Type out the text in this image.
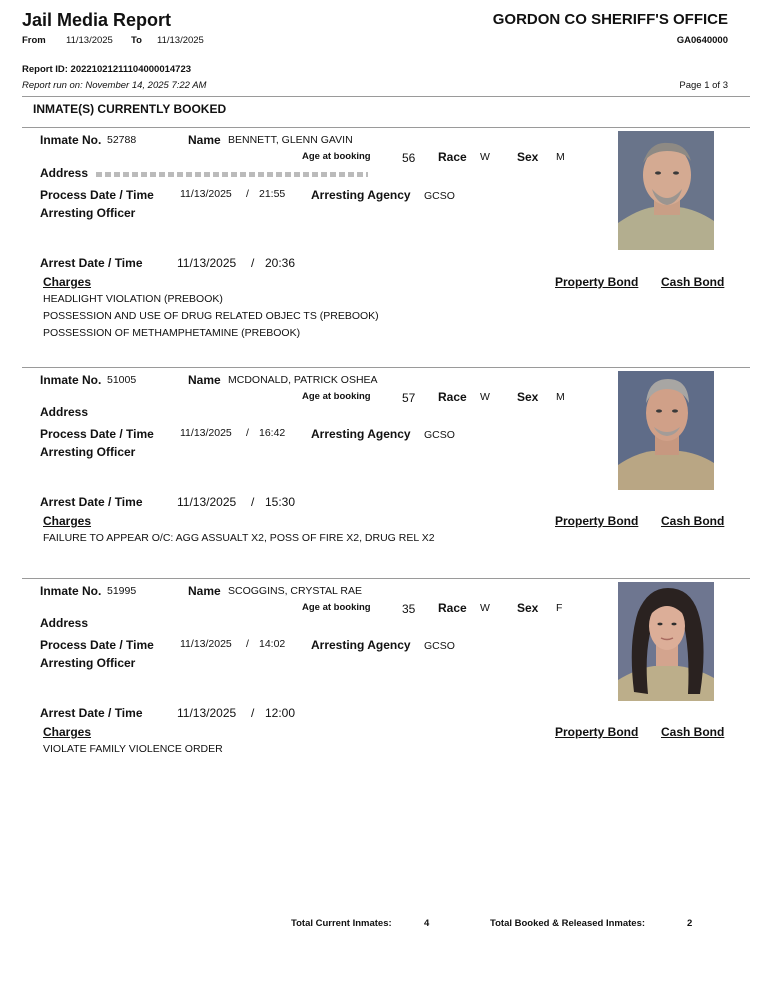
Jail Media Report
From 11/13/2025 To 11/13/2025
GORDON CO SHERIFF'S OFFICE
GA0640000
Report ID: 20221021211104000014723
Report run on: November 14, 2025 7:22 AM	Page 1 of 3
INMATE(S) CURRENTLY BOOKED
Inmate No. 52788	Name BENNETT, GLENN GAVIN
Age at booking	56 Race W Sex M
Address
Process Date / Time 11/13/2025 / 21:55 Arresting Agency GCSO
Arresting Officer
Arrest Date / Time	11/13/2025 / 20:36
Charges	Property Bond Cash Bond
HEADLIGHT VIOLATION (PREBOOK)
POSSESSION AND USE OF DRUG RELATED OBJEC TS (PREBOOK)
POSSESSION OF METHAMPHETAMINE (PREBOOK)
Inmate No. 51005	Name MCDONALD, PATRICK OSHEA
Age at booking	57 Race W Sex M
Address
Process Date / Time 11/13/2025 / 16:42 Arresting Agency GCSO
Arresting Officer
Arrest Date / Time	11/13/2025 / 15:30
Charges	Property Bond Cash Bond
FAILURE TO APPEAR O/C: AGG ASSUALT X2, POSS OF FIRE X2, DRUG REL X2
Inmate No. 51995	Name SCOGGINS, CRYSTAL RAE
Age at booking	35 Race W Sex F
Address
Process Date / Time 11/13/2025 / 14:02 Arresting Agency GCSO
Arresting Officer
Arrest Date / Time	11/13/2025 / 12:00
Charges	Property Bond Cash Bond
VIOLATE FAMILY VIOLENCE ORDER
Total Current Inmates:	4	Total Booked & Released Inmates:	2
